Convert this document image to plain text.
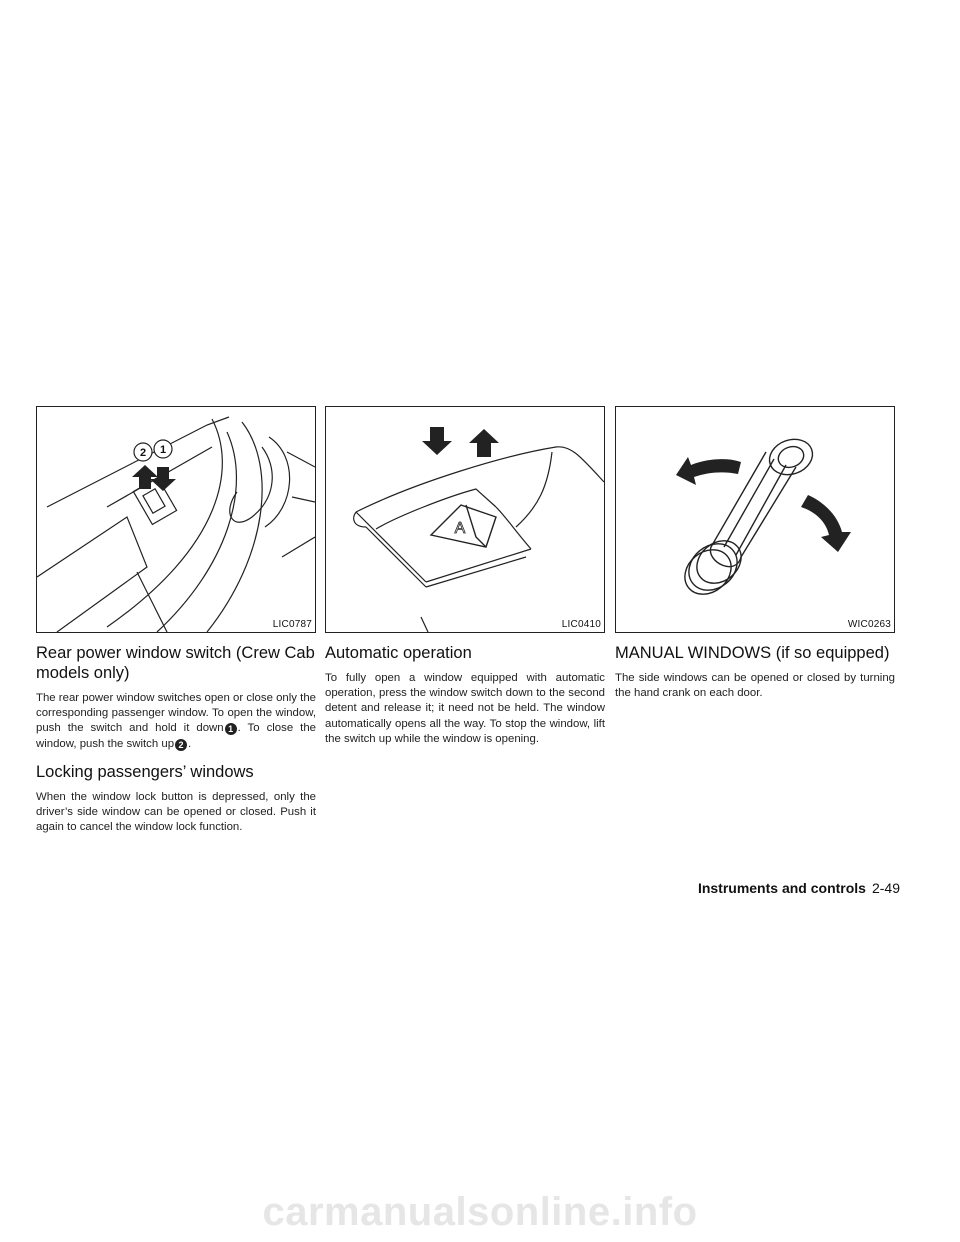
2 1
LIC0787
Rear power window switch (Crew Cab models only)

The rear power window switches open or close only the corresponding passenger window. To open the window, push the switch and hold it down 1 . To close the window, push the switch up 2 .

Locking passengers’ windows

When the window lock button is depressed, only the driver’s side window can be opened or closed. Push it again to cancel the window lock function.

A
LIC0410
Automatic operation

To fully open a window equipped with automatic operation, press the window switch down to the second detent and release it; it need not be held. The window automatically opens all the way. To stop the window, lift the switch up while the window is opening.

WIC0263
MANUAL WINDOWS (if so equipped)

The side windows can be opened or closed by turning the hand crank on each door.

Instruments and controls 2-49
carmanualsonline.info
